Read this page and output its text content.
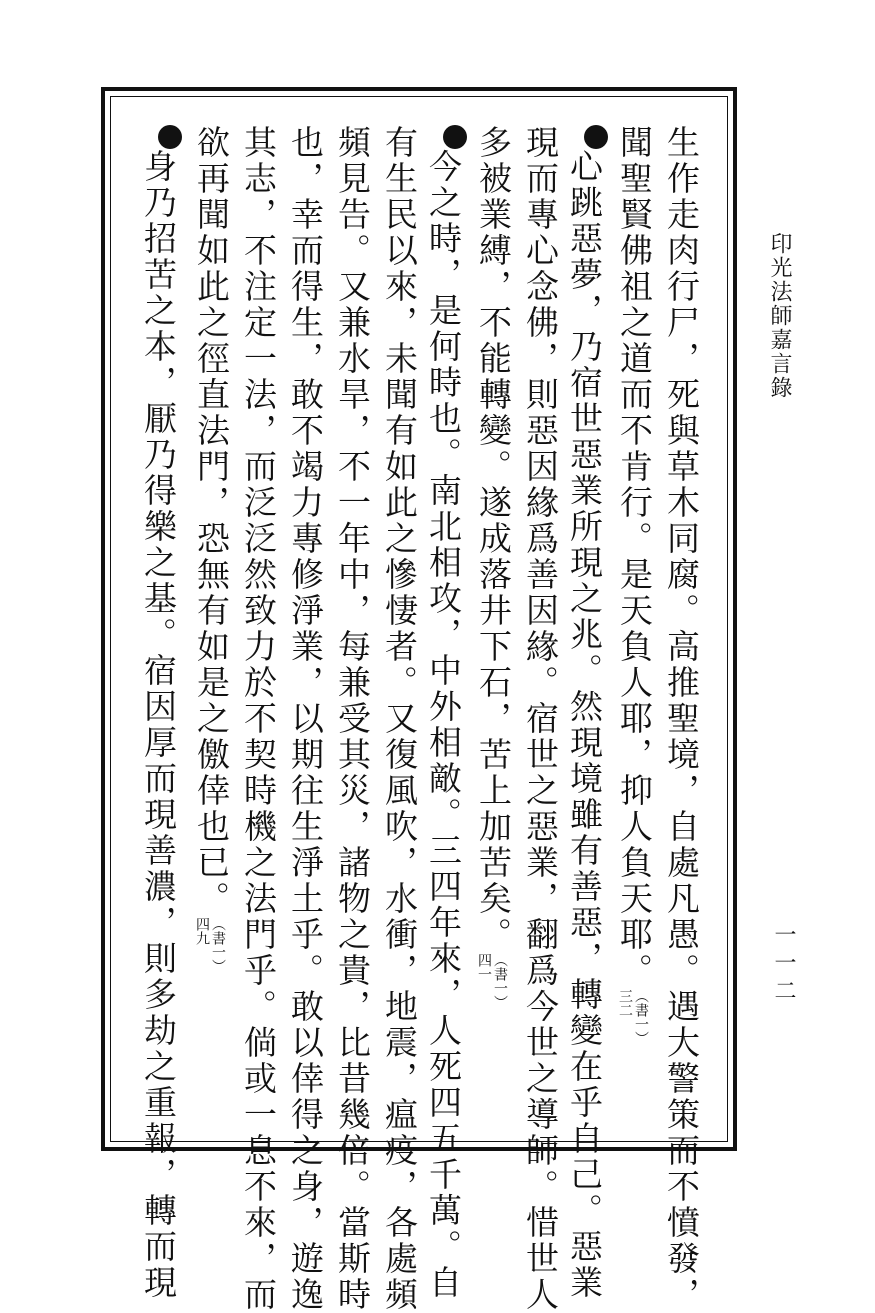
印光法師嘉言錄
一一二
生作走肉行尸，死與草木同腐。高推聖境，自處凡愚。遇大警策而不憤發，
聞聖賢佛祖之道而不肯行。是天負人耶，抑人負天耶。
︵書一︶
三二
心跳惡夢，乃宿世惡業所現之兆。然現境雖有善惡，轉變在乎自己。惡業
現而專心念佛，則惡因緣爲善因緣。宿世之惡業，翻爲今世之導師。惜世人
多被業縛，不能轉變。遂成落井下石，苦上加苦矣。
︵書一︶
四一
今之時，是何時也。南北相攻，中外相敵。三四年來，人死四五千萬。自
有生民以來，未聞有如此之慘悽者。又復風吹，水衝，地震，瘟疫，各處頻
頻見告。又兼水旱，不一年中，每兼受其災，諸物之貴，比昔幾倍。當斯時
也，幸而得生，敢不竭力專修淨業，以期往生淨土乎。敢以倖得之身，遊逸
其志，不注定一法，而泛泛然致力於不契時機之法門乎。倘或一息不來，而
欲再聞如此之徑直法門，恐無有如是之儌倖也已。
︵書一︶
四九
身乃招苦之本，厭乃得樂之基。宿因厚而現善濃，則多劫之重報，轉而現
